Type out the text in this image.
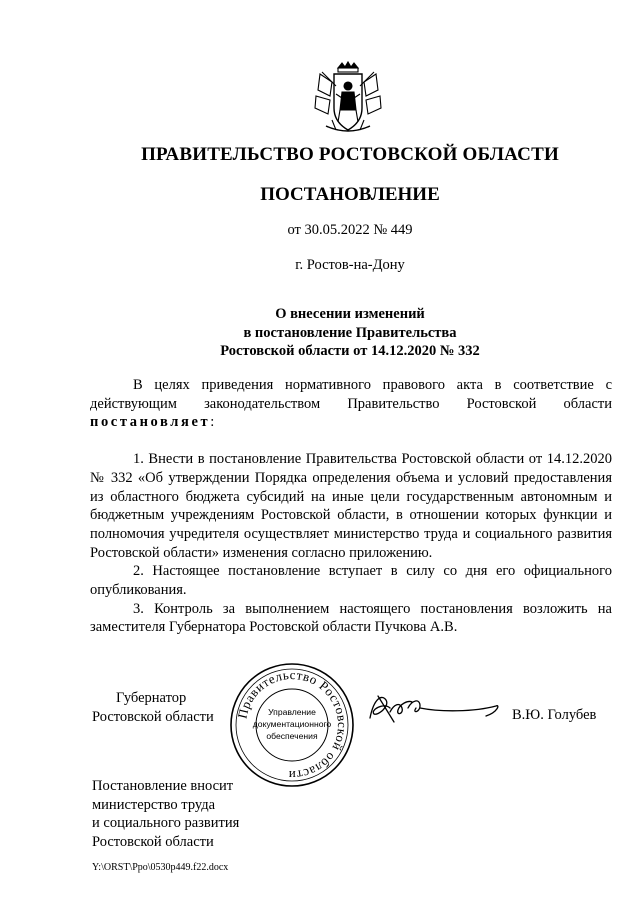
ПРАВИТЕЛЬСТВО РОСТОВСКОЙ ОБЛАСТИ
ПОСТАНОВЛЕНИЕ
от 30.05.2022 № 449
г. Ростов-на-Дону
О внесении изменений
в постановление Правительства
Ростовской области от 14.12.2020 № 332

В целях приведения нормативного правового акта в соответствие с действующим законодательством Правительство Ростовской области постановляет:

1. Внести в постановление Правительства Ростовской области от 14.12.2020 № 332 «Об утверждении Порядка определения объема и условий предоставления из областного бюджета субсидий на иные цели государственным автономным и бюджетным учреждениям Ростовской области, в отношении которых функции и полномочия учредителя осуществляет министерство труда и социального развития Ростовской области» изменения согласно приложению.

2. Настоящее постановление вступает в силу со дня его официального опубликования.

3. Контроль за выполнением настоящего постановления возложить на заместителя Губернатора Ростовской области Пучкова А.В.

Губернатор
Ростовской области Правительство Ростовской области
Управление
документационного
обеспечения
В.Ю. Голубев
Постановление вносит
министерство труда
и социального развития
Ростовской области
Y:\ORST\Ppo\0530p449.f22.docx
